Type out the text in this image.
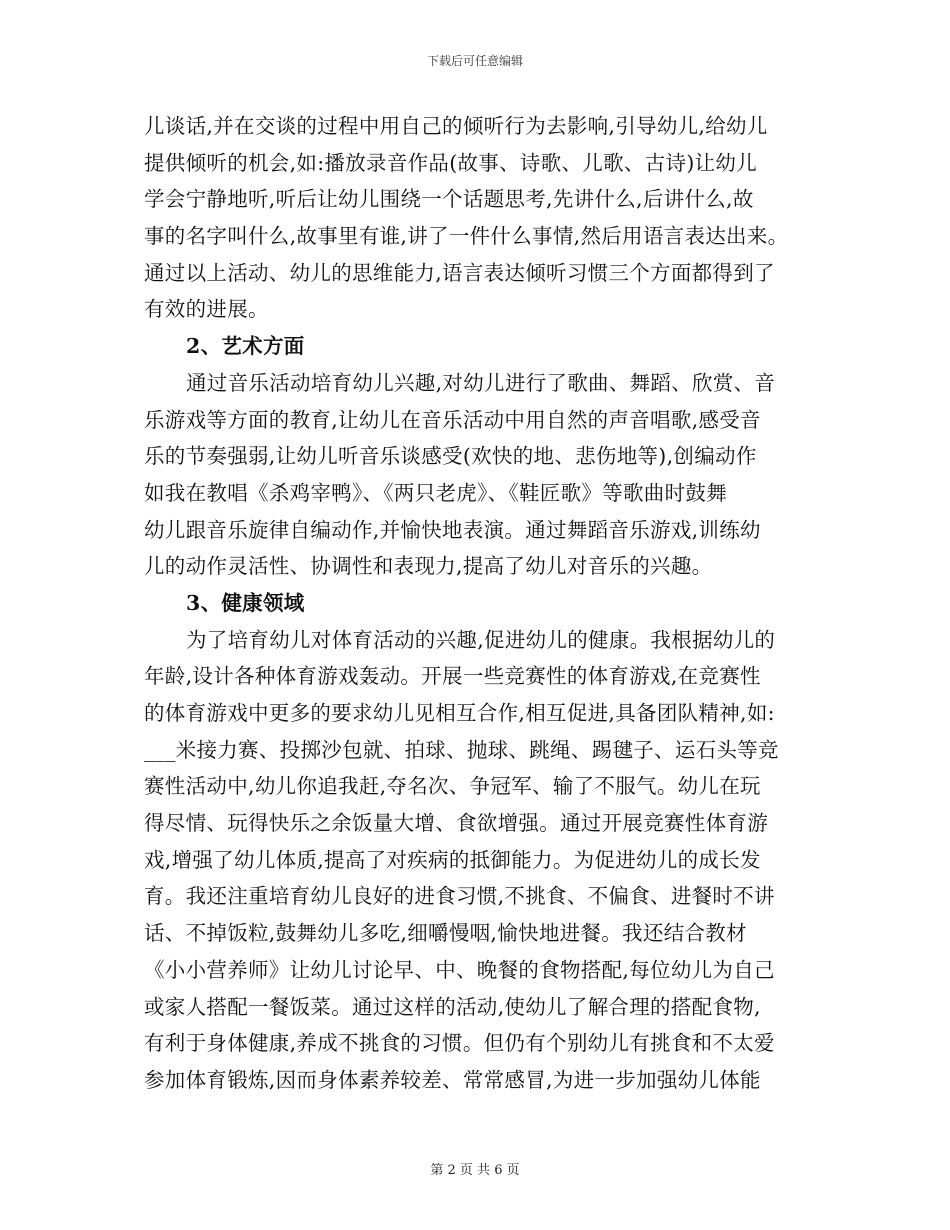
下载后可任意编辑
儿谈话,并在交谈的过程中用自己的倾听行为去影响,引导幼儿,给幼儿
提供倾听的机会,如:播放录音作品(故事、诗歌、儿歌、古诗)让幼儿
学会宁静地听,听后让幼儿围绕一个话题思考,先讲什么,后讲什么,故
事的名字叫什么,故事里有谁,讲了一件什么事情,然后用语言表达出来。
通过以上活动、幼儿的思维能力,语言表达倾听习惯三个方面都得到了
有效的进展。
2、艺术方面
通过音乐活动培育幼儿兴趣,对幼儿进行了歌曲、舞蹈、欣赏、音
乐游戏等方面的教育,让幼儿在音乐活动中用自然的声音唱歌,感受音
乐的节奏强弱,让幼儿听音乐谈感受(欢快的地、悲伤地等),创编动作
如我在教唱《杀鸡宰鸭》、《两只老虎》、《鞋匠歌》等歌曲时鼓舞
幼儿跟音乐旋律自编动作,并愉快地表演。通过舞蹈音乐游戏,训练幼
儿的动作灵活性、协调性和表现力,提高了幼儿对音乐的兴趣。
3、健康领域
为了培育幼儿对体育活动的兴趣,促进幼儿的健康。我根据幼儿的
年龄,设计各种体育游戏轰动。开展一些竞赛性的体育游戏,在竞赛性
的体育游戏中更多的要求幼儿见相互合作,相互促进,具备团队精神,如:
___米接力赛、投掷沙包就、拍球、抛球、跳绳、踢毽子、运石头等竞
赛性活动中,幼儿你追我赶,夺名次、争冠军、输了不服气。幼儿在玩
得尽情、玩得快乐之余饭量大增、食欲增强。通过开展竞赛性体育游
戏,增强了幼儿体质,提高了对疾病的抵御能力。为促进幼儿的成长发
育。我还注重培育幼儿良好的进食习惯,不挑食、不偏食、进餐时不讲
话、不掉饭粒,鼓舞幼儿多吃,细嚼慢咽,愉快地进餐。我还结合教材
《小小营养师》让幼儿讨论早、中、晚餐的食物搭配,每位幼儿为自己
或家人搭配一餐饭菜。通过这样的活动,使幼儿了解合理的搭配食物,
有利于身体健康,养成不挑食的习惯。但仍有个别幼儿有挑食和不太爱
参加体育锻炼,因而身体素养较差、常常感冒,为进一步加强幼儿体能
第 2 页 共 6 页
